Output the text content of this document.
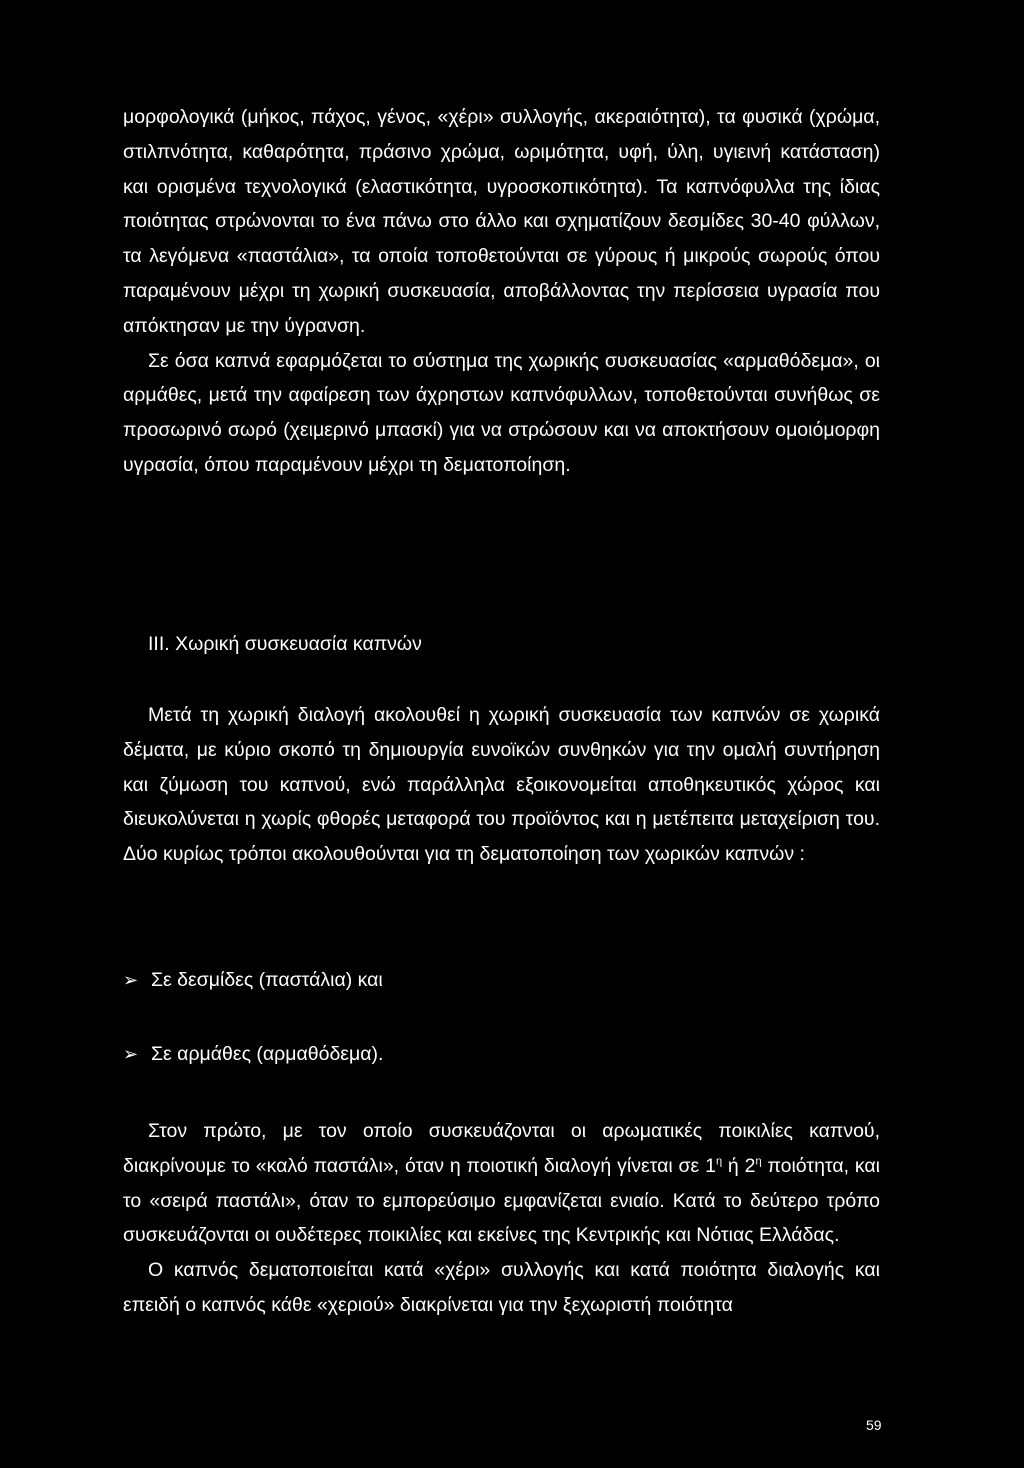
μορφολογικά (μήκος, πάχος, γένος, «χέρι» συλλογής, ακεραιότητα), τα φυσικά (χρώμα, στιλπνότητα, καθαρότητα, πράσινο χρώμα, ωριμότητα, υφή, ύλη, υγιεινή κατάσταση) και ορισμένα τεχνολογικά (ελαστικότητα, υγροσκοπικότητα). Τα καπνόφυλλα της ίδιας ποιότητας στρώνονται το ένα πάνω στο άλλο και σχηματίζουν δεσμίδες 30-40 φύλλων, τα λεγόμενα «παστάλια», τα οποία τοποθετούνται σε γύρους ή μικρούς σωρούς όπου παραμένουν μέχρι τη χωρική συσκευασία, αποβάλλοντας την περίσσεια υγρασία που απόκτησαν με την ύγρανση.

Σε όσα καπνά εφαρμόζεται το σύστημα της χωρικής συσκευασίας «αρμαθόδεμα», οι αρμάθες, μετά την αφαίρεση των άχρηστων καπνόφυλλων, τοποθετούνται συνήθως σε προσωρινό σωρό (χειμερινό μπασκί) για να στρώσουν και να αποκτήσουν ομοιόμορφη υγρασία, όπου παραμένουν μέχρι τη δεματοποίηση.

ΙΙΙ. Χωρική συσκευασία καπνών

Μετά τη χωρική διαλογή ακολουθεί η χωρική συσκευασία των καπνών σε χωρικά δέματα, με κύριο σκοπό τη δημιουργία ευνοϊκών συνθηκών για την ομαλή συντήρηση και ζύμωση του καπνού, ενώ παράλληλα εξοικονομείται αποθηκευτικός χώρος και διευκολύνεται η χωρίς φθορές μεταφορά του προϊόντος και η μετέπειτα μεταχείριση του. Δύο κυρίως τρόποι ακολουθούνται για τη δεματοποίηση των χωρικών καπνών :

➢ Σε δεσμίδες (παστάλια) και
➢ Σε αρμάθες (αρμαθόδεμα).

Στον πρώτο, με τον οποίο συσκευάζονται οι αρωματικές ποικιλίες καπνού, διακρίνουμε το «καλό παστάλι», όταν η ποιοτική διαλογή γίνεται σε $1^\eta$ ή $2^\eta$ ποιότητα, και το «σειρά παστάλι», όταν το εμπορεύσιμο εμφανίζεται ενιαίο. Κατά το δεύτερο τρόπο συσκευάζονται οι ουδέτερες ποικιλίες και εκείνες της Κεντρικής και Νότιας Ελλάδας.

Ο καπνός δεματοποιείται κατά «χέρι» συλλογής και κατά ποιότητα διαλογής και επειδή ο καπνός κάθε «χεριού» διακρίνεται για την ξεχωριστή ποιότητα

59
